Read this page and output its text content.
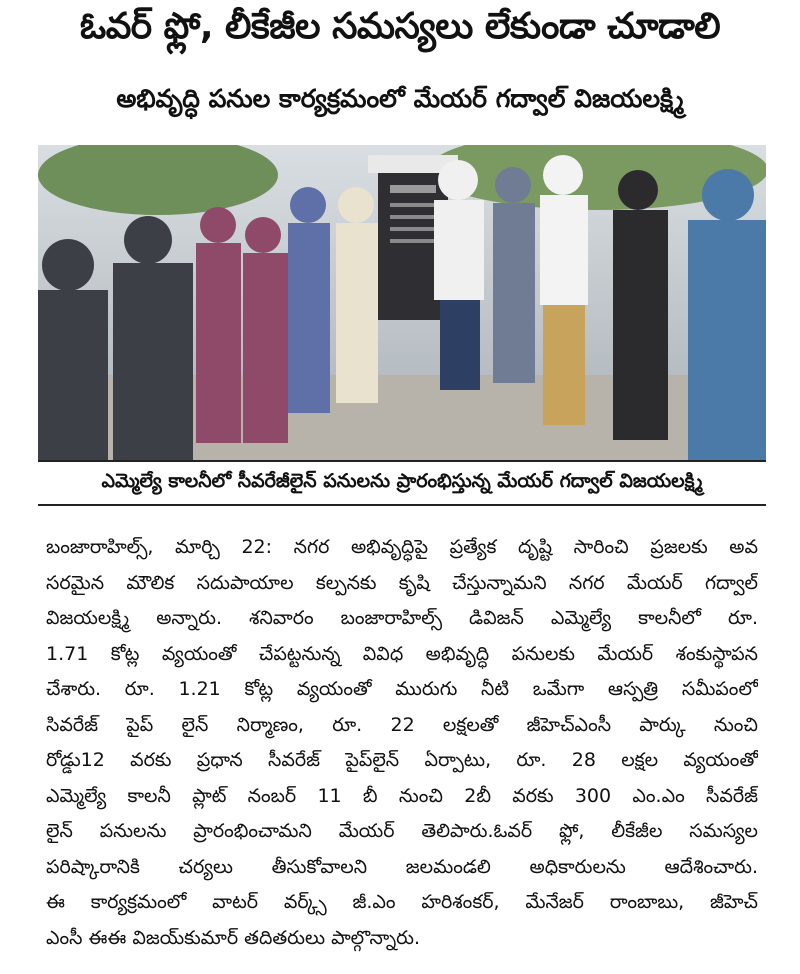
ఓవర్ ఫ్లో, లీకేజీల సమస్యలు లేకుండా చూడాలి
అభివృద్ధి పనుల కార్యక్రమంలో మేయర్ గద్వాల్ విజయలక్ష్మి
ఎమ్మెల్యే కాలనీలో సీవరేజీలైన్ పనులను ప్రారంభిస్తున్న మేయర్ గద్వాల్ విజయలక్ష్మి
బంజారాహిల్స్, మార్చి 22: నగర అభివృద్ధిపై ప్రత్యేక దృష్టి సారించి ప్రజలకు అవ
సరమైన మౌలిక సదుపాయాల కల్పనకు కృషి చేస్తున్నామని నగర మేయర్ గద్వాల్
విజయలక్ష్మి అన్నారు. శనివారం బంజారాహిల్స్ డివిజన్ ఎమ్మెల్యే కాలనీలో రూ.
1.71 కోట్ల వ్యయంతో చేపట్టనున్న వివిధ అభివృద్ధి పనులకు మేయర్ శంకుస్థాపన
చేశారు. రూ. 1.21 కోట్ల వ్యయంతో మురుగు నీటి ఒమేగా ఆస్పత్రి సమీపంలో
సివరేజ్ పైప్ లైన్ నిర్మాణం, రూ. 22 లక్షలతో జీహెచ్ఎంసీ పార్కు నుంచి
రోడ్డు12 వరకు ప్రధాన సీవరేజ్ పైప్‌లైన్ ఏర్పాటు, రూ. 28 లక్షల వ్యయంతో
ఎమ్మెల్యే కాలనీ ప్లాట్ నంబర్ 11 బీ నుంచి 2బీ వరకు 300 ఎం.ఎం సీవరేజ్
లైన్ పనులను ప్రారంభించామని మేయర్ తెలిపారు.ఓవర్ ఫ్లో, లీకేజీల సమస్యల
పరిష్కారానికి చర్యలు తీసుకోవాలని జలమండలి అధికారులను ఆదేశించారు.
ఈ కార్యక్రమంలో వాటర్ వర్క్స్ జీ.ఎం హరిశంకర్, మేనేజర్ రాంబాబు, జీహెచ్
ఎంసీ ఈఈ విజయ్‌కుమార్ తదితరులు పాల్గొన్నారు.
